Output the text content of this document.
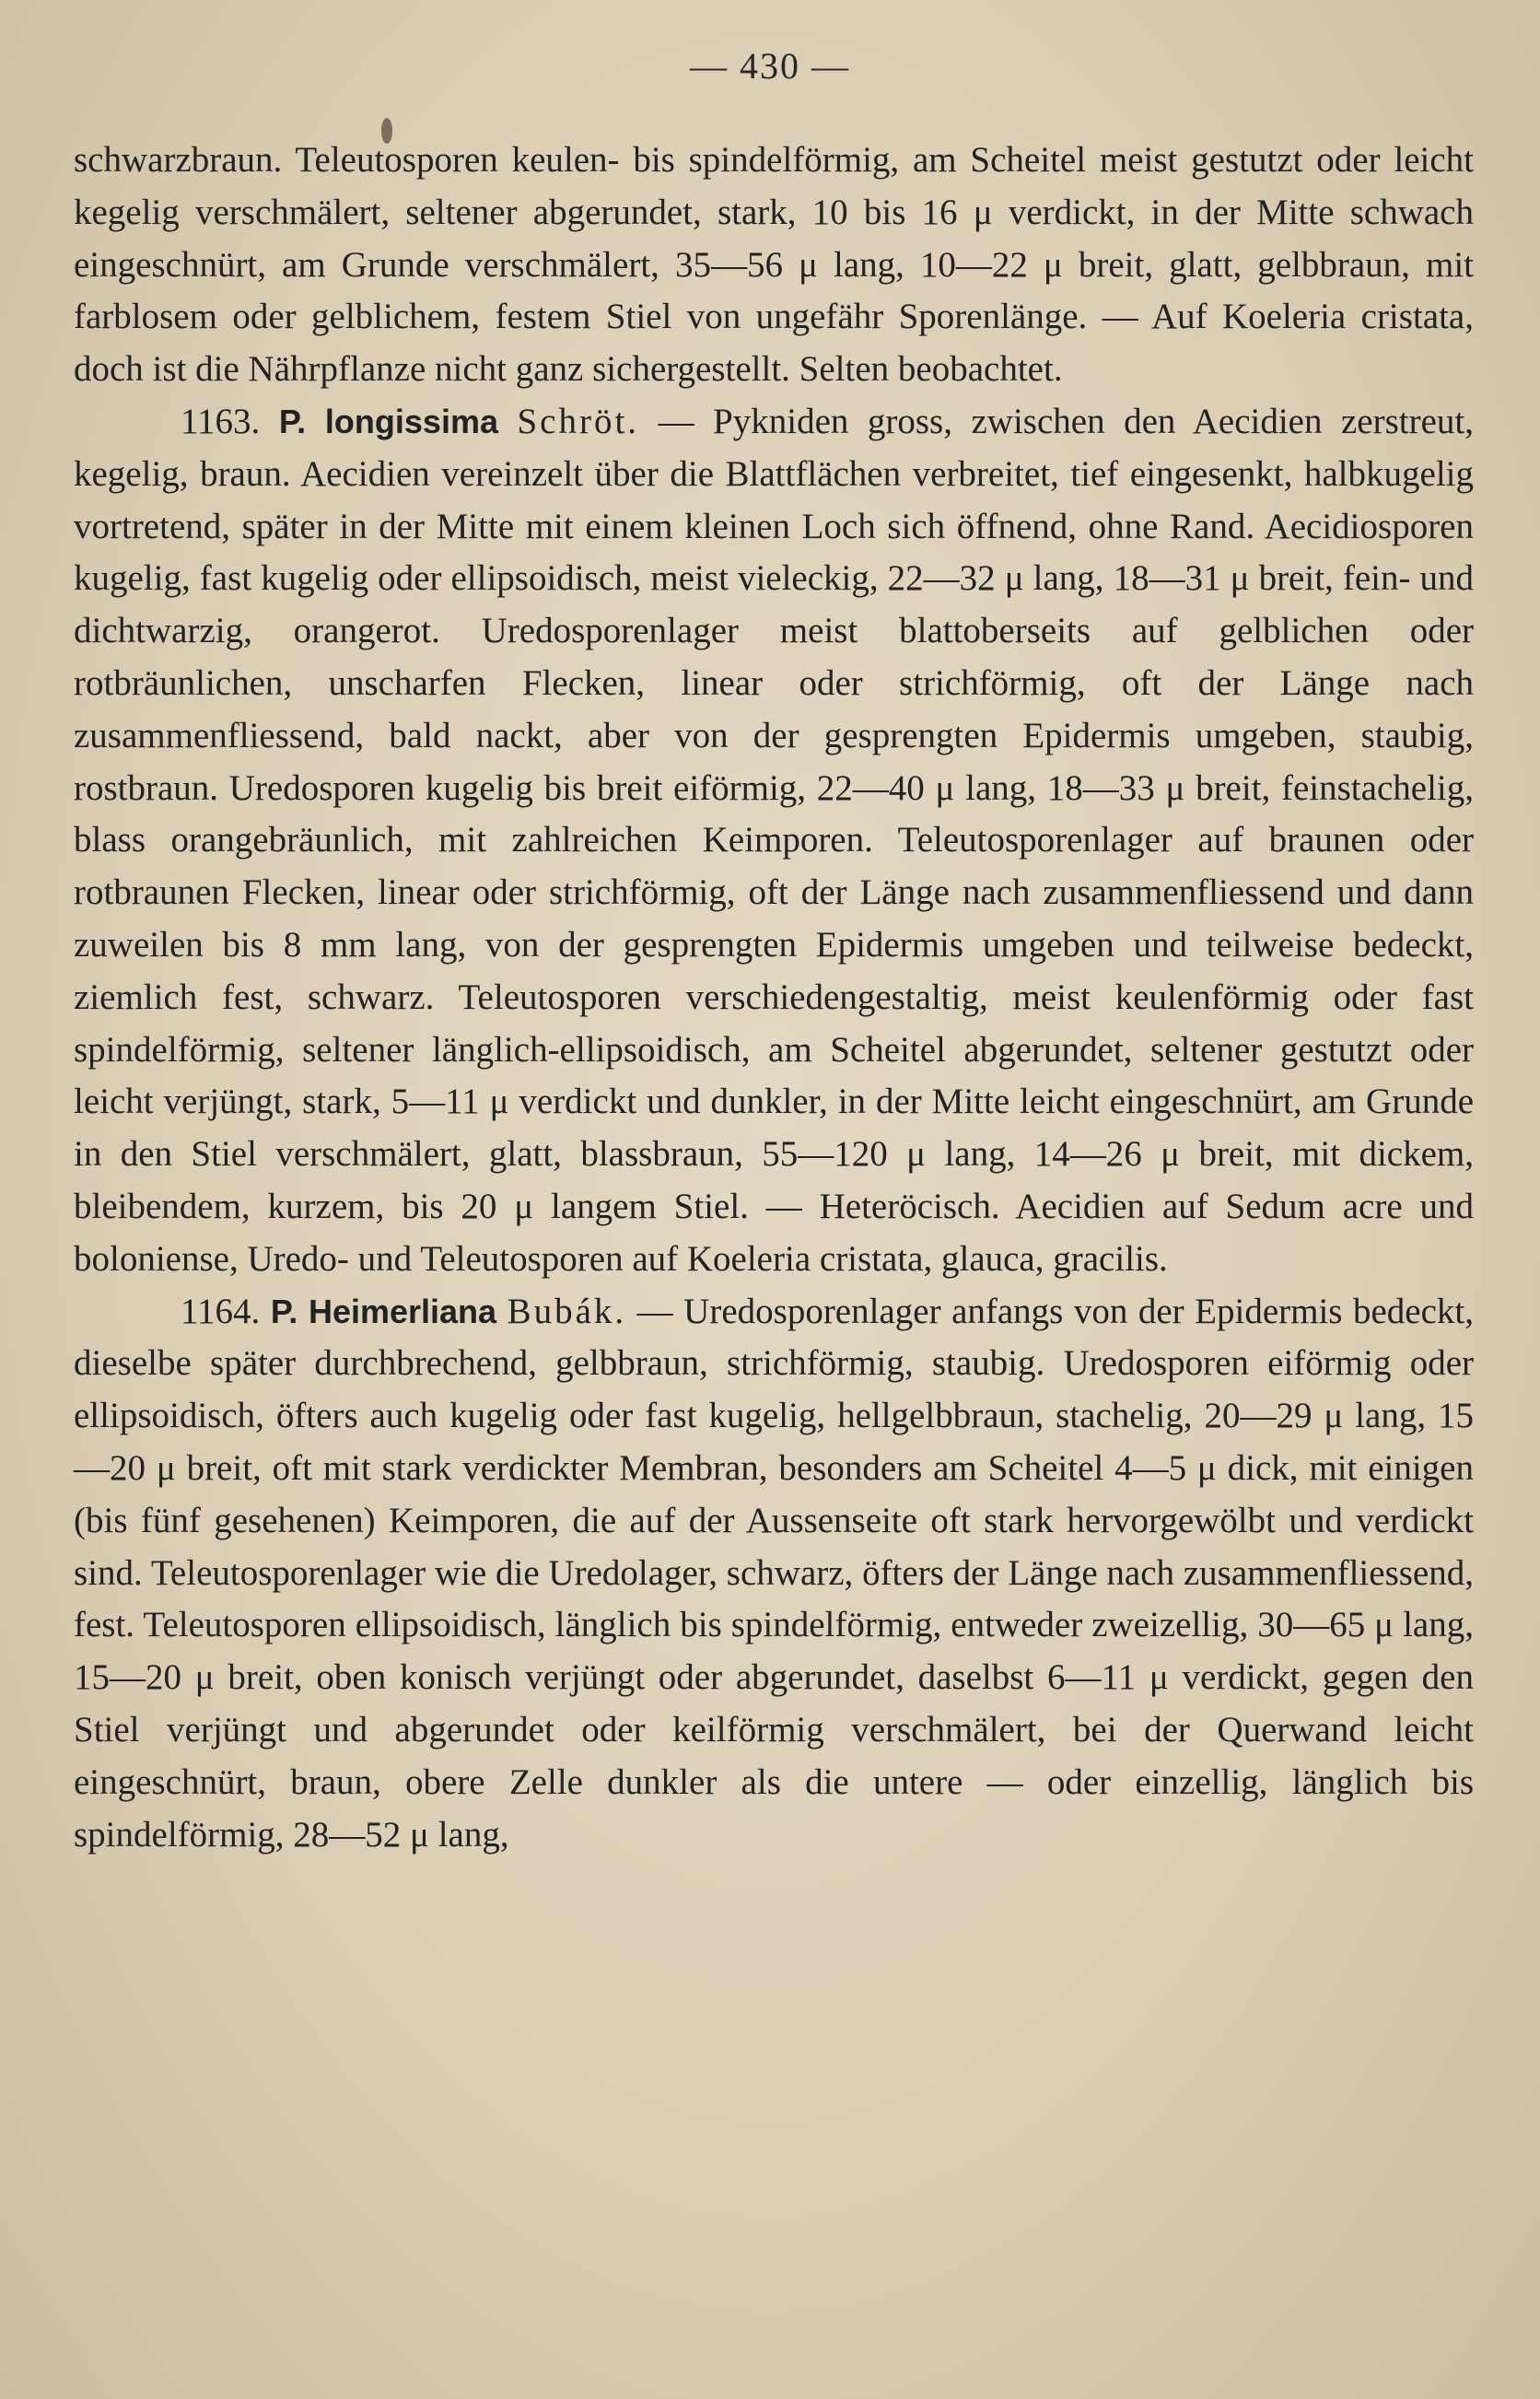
— 430 —

schwarzbraun. Teleutosporen keulen- bis spindelförmig, am Scheitel meist gestutzt oder leicht kegelig verschmälert, seltener abgerundet, stark, 10 bis 16 μ verdickt, in der Mitte schwach eingeschnürt, am Grunde verschmälert, 35—56 μ lang, 10—22 μ breit, glatt, gelbbraun, mit farblosem oder gelblichem, festem Stiel von ungefähr Sporenlänge. — Auf Koeleria cristata, doch ist die Nährpflanze nicht ganz sichergestellt. Selten beobachtet.

1163. P. longissima Schröt. — Pykniden gross, zwischen den Aecidien zerstreut, kegelig, braun. Aecidien vereinzelt über die Blattflächen verbreitet, tief eingesenkt, halbkugelig vortretend, später in der Mitte mit einem kleinen Loch sich öffnend, ohne Rand. Aecidiosporen kugelig, fast kugelig oder ellipsoidisch, meist vieleckig, 22—32 μ lang, 18—31 μ breit, fein- und dichtwarzig, orangerot. Uredosporenlager meist blattoberseits auf gelblichen oder rotbräunlichen, unscharfen Flecken, linear oder strichförmig, oft der Länge nach zusammenfliessend, bald nackt, aber von der gesprengten Epidermis umgeben, staubig, rostbraun. Uredosporen kugelig bis breit eiförmig, 22—40 μ lang, 18—33 μ breit, feinstachelig, blass orangebräunlich, mit zahlreichen Keimporen. Teleutosporenlager auf braunen oder rotbraunen Flecken, linear oder strichförmig, oft der Länge nach zusammenfliessend und dann zuweilen bis 8 mm lang, von der gesprengten Epidermis umgeben und teilweise bedeckt, ziemlich fest, schwarz. Teleutosporen verschiedengestaltig, meist keulenförmig oder fast spindelförmig, seltener länglich-ellipsoidisch, am Scheitel abgerundet, seltener gestutzt oder leicht verjüngt, stark, 5—11 μ verdickt und dunkler, in der Mitte leicht eingeschnürt, am Grunde in den Stiel verschmälert, glatt, blassbraun, 55—120 μ lang, 14—26 μ breit, mit dickem, bleibendem, kurzem, bis 20 μ langem Stiel. — Heteröcisch. Aecidien auf Sedum acre und boloniense, Uredo- und Teleutosporen auf Koeleria cristata, glauca, gracilis.

1164. P. Heimerliana Bubák. — Uredosporenlager anfangs von der Epidermis bedeckt, dieselbe später durchbrechend, gelbbraun, strichförmig, staubig. Uredosporen eiförmig oder ellipsoidisch, öfters auch kugelig oder fast kugelig, hellgelbbraun, stachelig, 20—29 μ lang, 15—20 μ breit, oft mit stark verdickter Membran, besonders am Scheitel 4—5 μ dick, mit einigen (bis fünf gesehenen) Keimporen, die auf der Aussenseite oft stark hervorgewölbt und verdickt sind. Teleutosporenlager wie die Uredolager, schwarz, öfters der Länge nach zusammenfliessend, fest. Teleutosporen ellipsoidisch, länglich bis spindelförmig, entweder zweizellig, 30—65 μ lang, 15—20 μ breit, oben konisch verjüngt oder abgerundet, daselbst 6—11 μ verdickt, gegen den Stiel verjüngt und abgerundet oder keilförmig verschmälert, bei der Querwand leicht eingeschnürt, braun, obere Zelle dunkler als die untere — oder einzellig, länglich bis spindelförmig, 28—52 μ lang,
